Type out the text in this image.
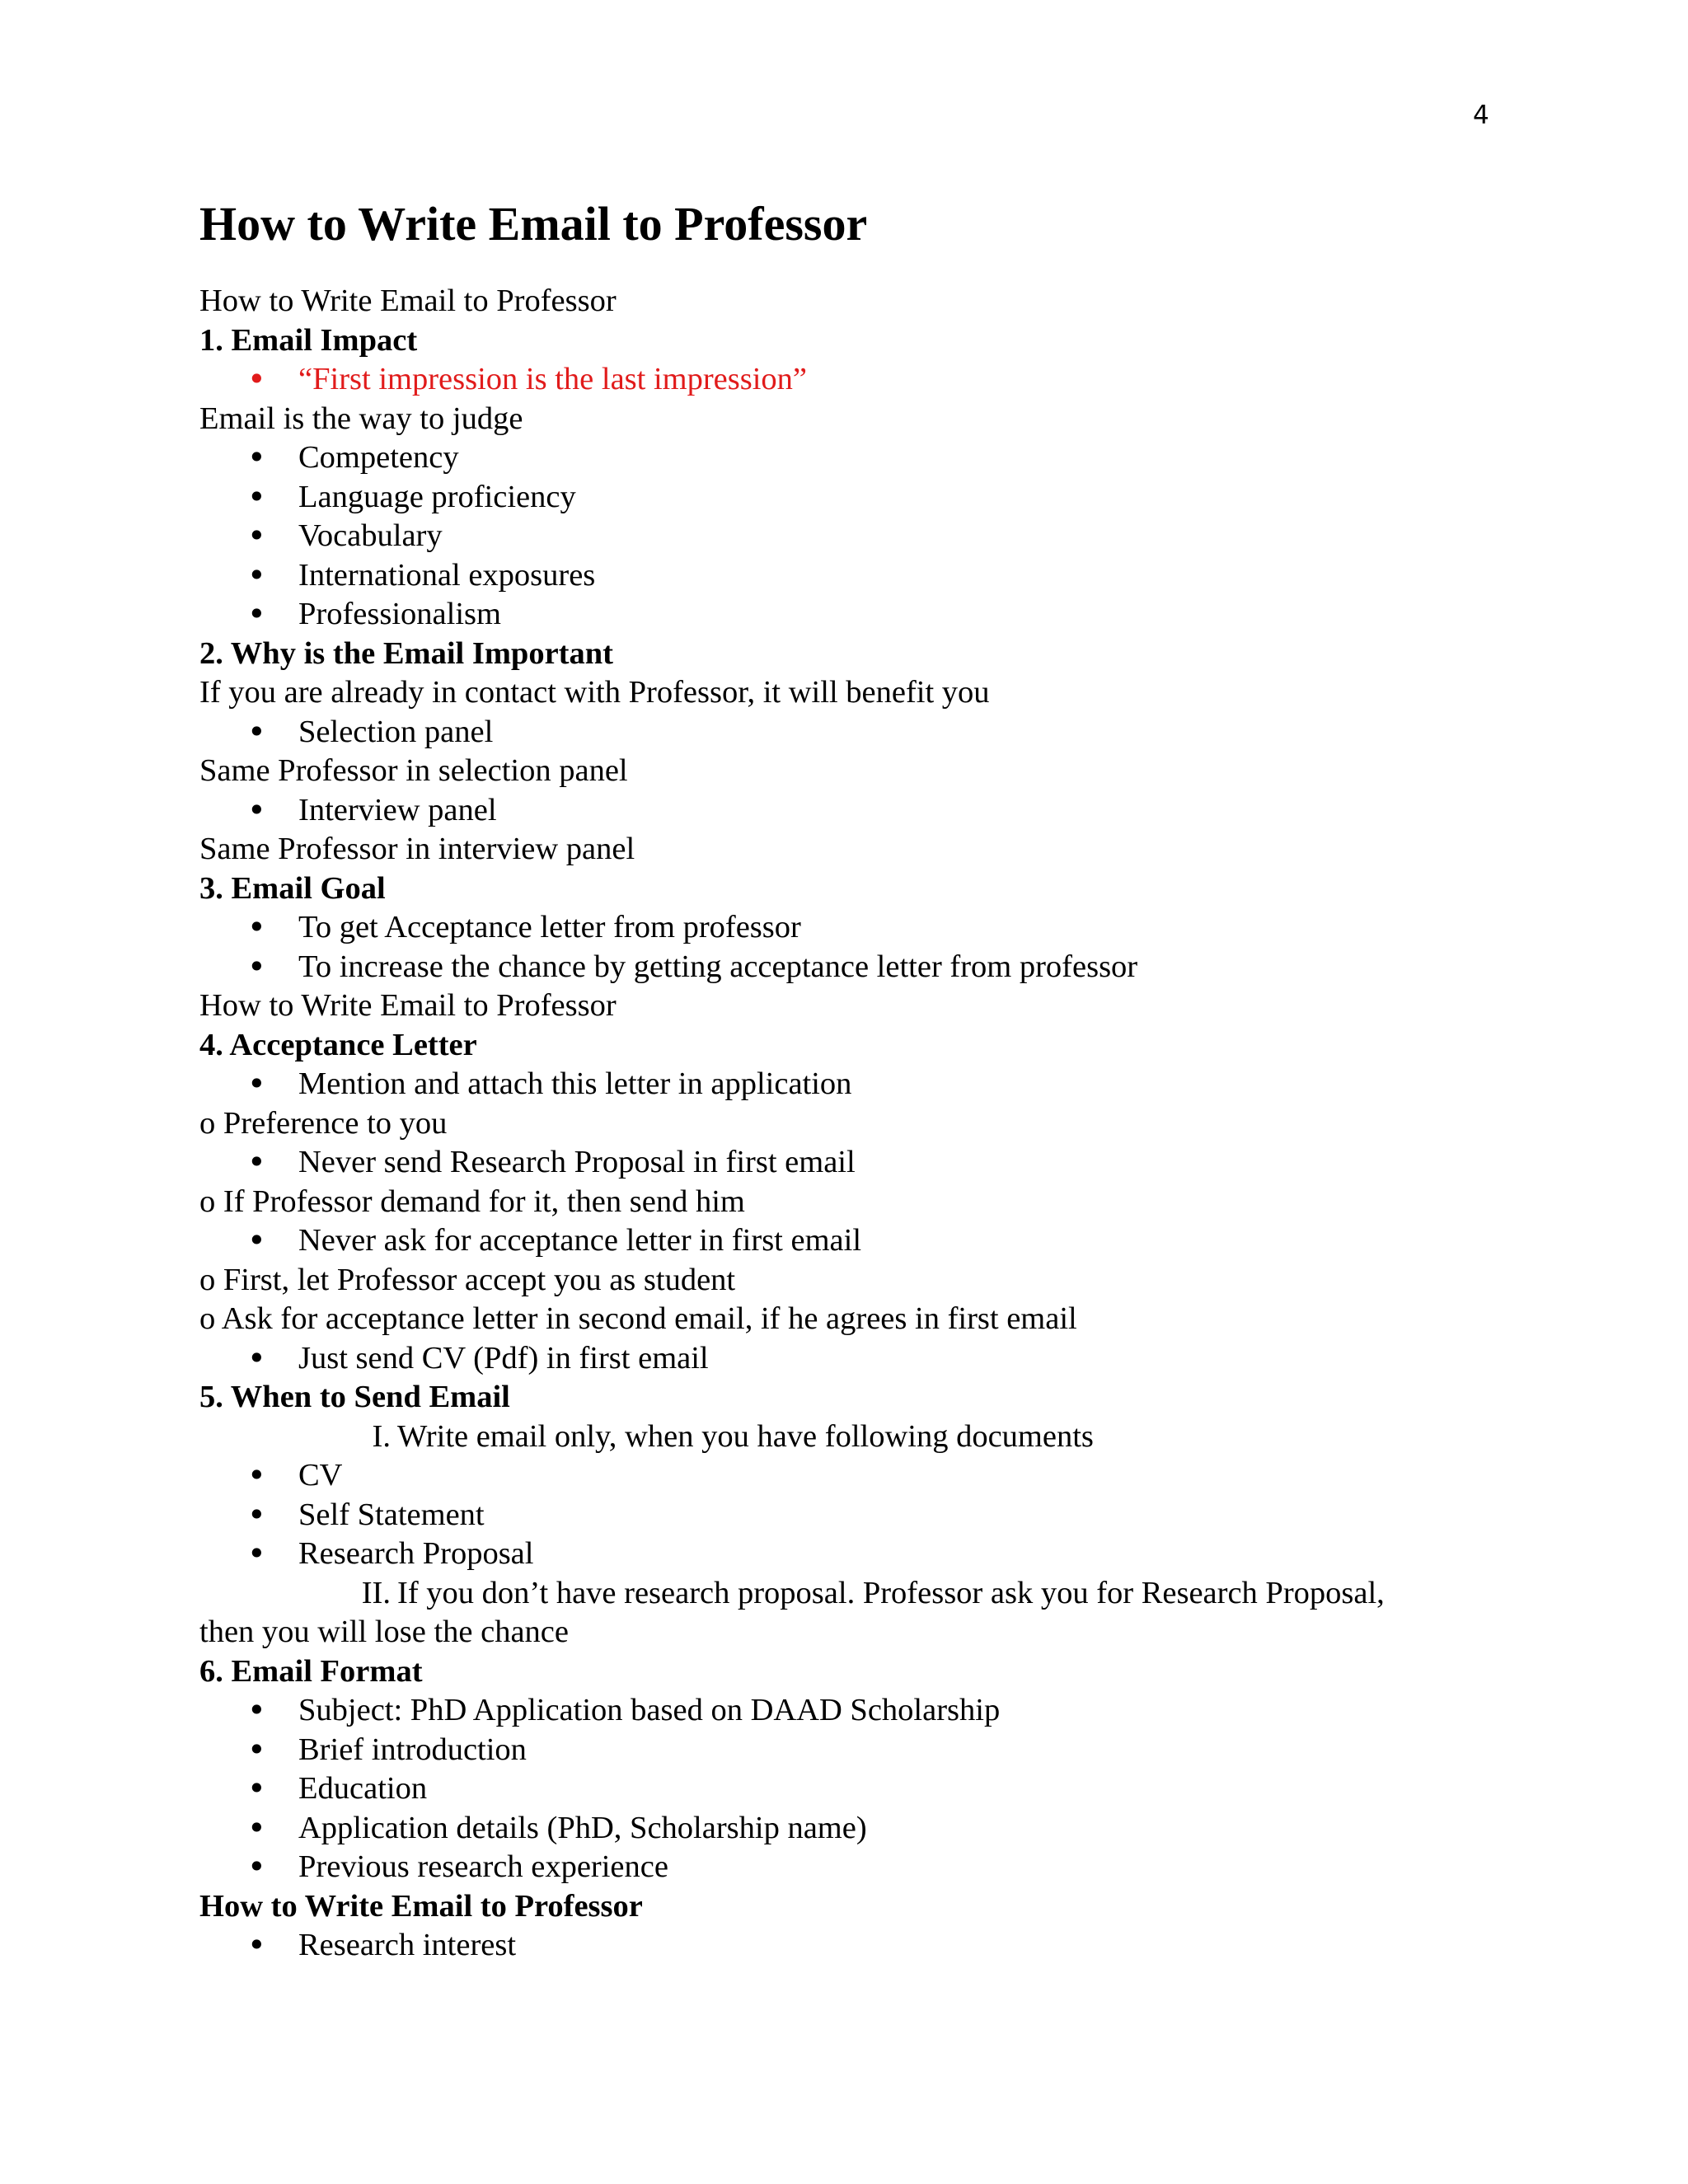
4
How to Write Email to Professor
How to Write Email to Professor
1. Email Impact
• “First impression is the last impression”
Email is the way to judge
• Competency
• Language proficiency
• Vocabulary
• International exposures
• Professionalism
2. Why is the Email Important
If you are already in contact with Professor, it will benefit you
• Selection panel
Same Professor in selection panel
• Interview panel
Same Professor in interview panel
3. Email Goal
• To get Acceptance letter from professor
• To increase the chance by getting acceptance letter from professor
How to Write Email to Professor
4. Acceptance Letter
• Mention and attach this letter in application
o Preference to you
• Never send Research Proposal in first email
o If Professor demand for it, then send him
• Never ask for acceptance letter in first email
o First, let Professor accept you as student
o Ask for acceptance letter in second email, if he agrees in first email
• Just send CV (Pdf) in first email
5. When to Send Email
I. Write email only, when you have following documents
• CV
• Self Statement
• Research Proposal
II. If you don’t have research proposal. Professor ask you for Research Proposal,
then you will lose the chance
6. Email Format
• Subject: PhD Application based on DAAD Scholarship
• Brief introduction
• Education
• Application details (PhD, Scholarship name)
• Previous research experience
How to Write Email to Professor
• Research interest
